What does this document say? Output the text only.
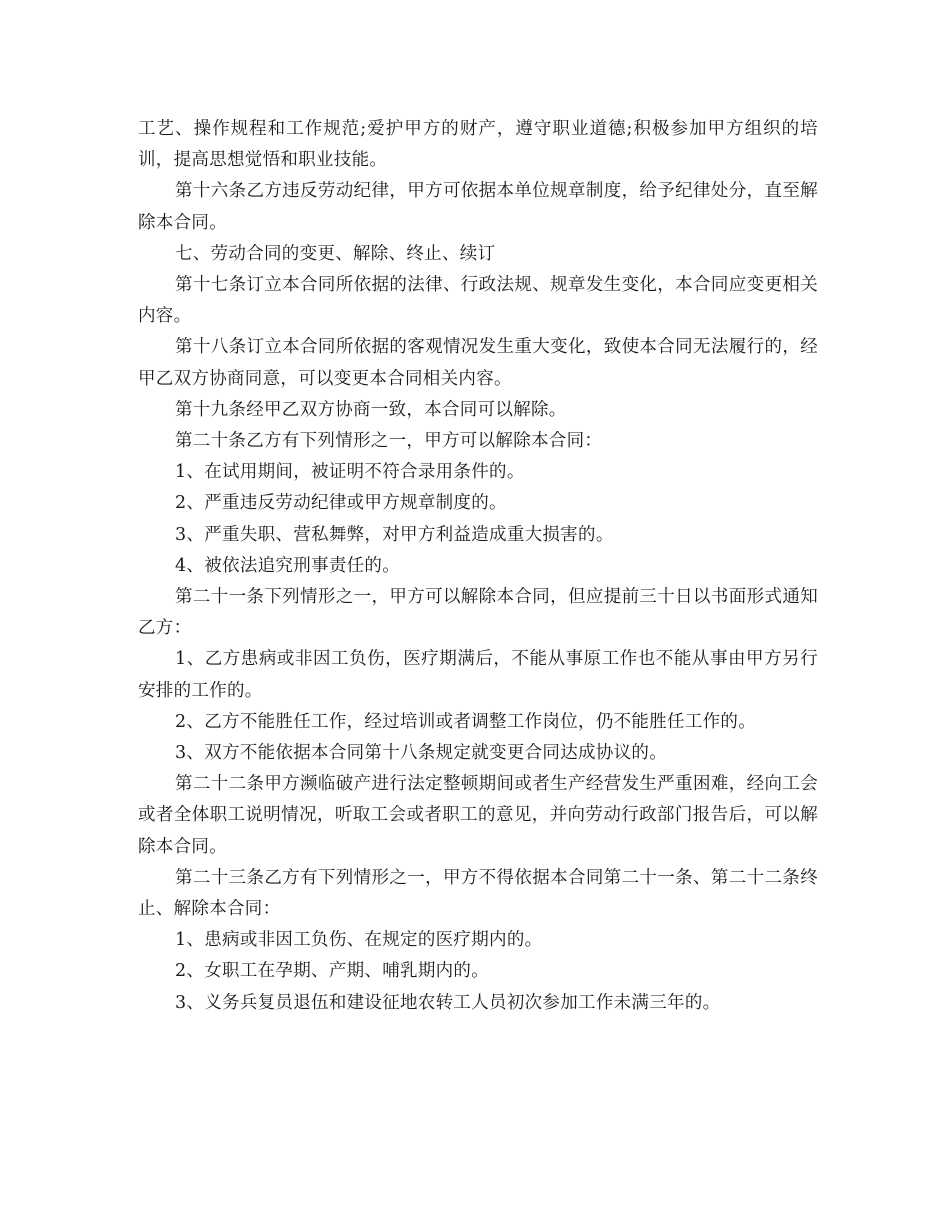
工艺、操作规程和工作规范;爱护甲方的财产，遵守职业道德;积极参加甲方组织的培训，提高思想觉悟和职业技能。

第十六条乙方违反劳动纪律，甲方可依据本单位规章制度，给予纪律处分，直至解除本合同。

七、劳动合同的变更、解除、终止、续订

第十七条订立本合同所依据的法律、行政法规、规章发生变化，本合同应变更相关内容。

第十八条订立本合同所依据的客观情况发生重大变化，致使本合同无法履行的，经甲乙双方协商同意，可以变更本合同相关内容。

第十九条经甲乙双方协商一致，本合同可以解除。

第二十条乙方有下列情形之一，甲方可以解除本合同：

1、在试用期间，被证明不符合录用条件的。

2、严重违反劳动纪律或甲方规章制度的。

3、严重失职、营私舞弊，对甲方利益造成重大损害的。

4、被依法追究刑事责任的。

第二十一条下列情形之一，甲方可以解除本合同，但应提前三十日以书面形式通知乙方：

1、乙方患病或非因工负伤，医疗期满后，不能从事原工作也不能从事由甲方另行安排的工作的。

2、乙方不能胜任工作，经过培训或者调整工作岗位，仍不能胜任工作的。

3、双方不能依据本合同第十八条规定就变更合同达成协议的。

第二十二条甲方濒临破产进行法定整顿期间或者生产经营发生严重困难，经向工会或者全体职工说明情况，听取工会或者职工的意见，并向劳动行政部门报告后，可以解除本合同。

第二十三条乙方有下列情形之一，甲方不得依据本合同第二十一条、第二十二条终止、解除本合同：

1、患病或非因工负伤、在规定的医疗期内的。

2、女职工在孕期、产期、哺乳期内的。

3、义务兵复员退伍和建设征地农转工人员初次参加工作未满三年的。
